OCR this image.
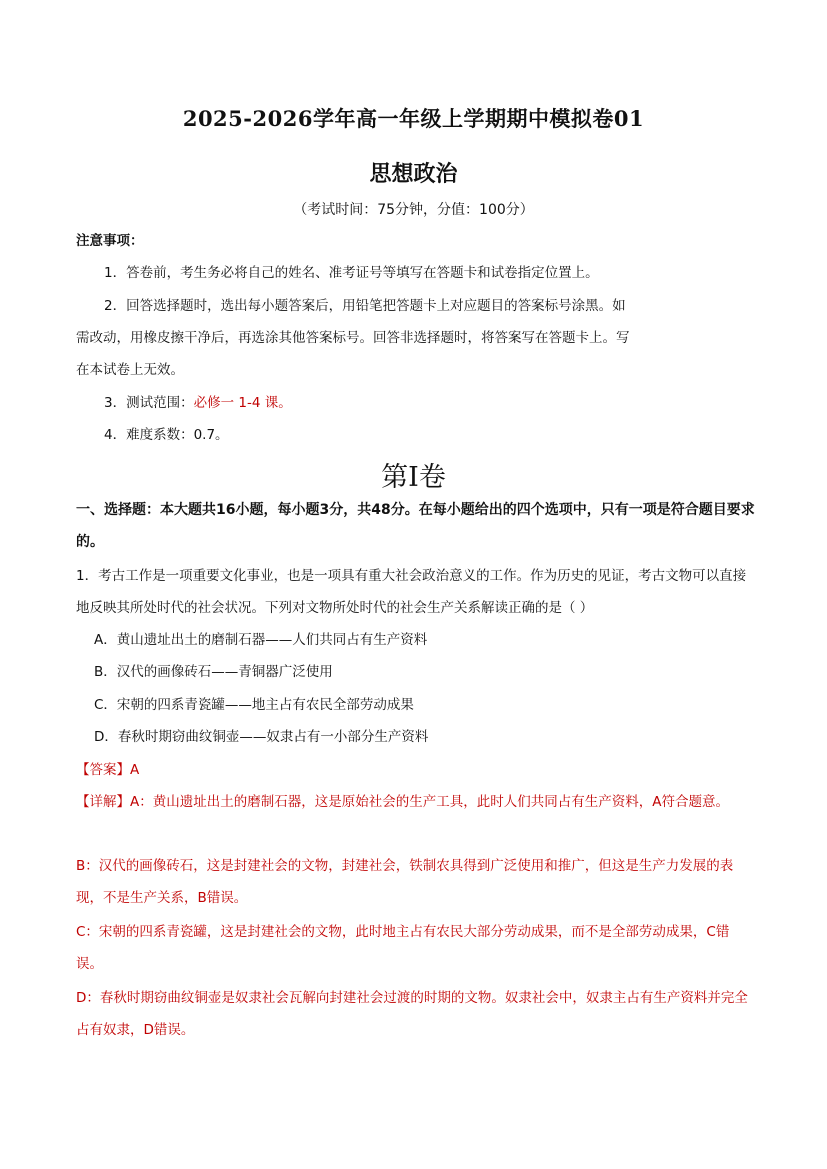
2025-2026学年高一年级上学期期中模拟卷01
思想政治
（考试时间：75分钟，分值：100分）
注意事项：
1．答卷前，考生务必将自己的姓名、准考证号等填写在答题卡和试卷指定位置上。
2．回答选择题时，选出每小题答案后，用铅笔把答题卡上对应题目的答案标号涂黑。如
需改动，用橡皮擦干净后，再选涂其他答案标号。回答非选择题时，将答案写在答题卡上。写
在本试卷上无效。
3．测试范围：必修一 1-4 课。
4．难度系数：0.7。
第I卷
一、选择题：本大题共16小题，每小题3分，共48分。在每小题给出的四个选项中，只有一项是符合题目要求的。
1．考古工作是一项重要文化事业，也是一项具有重大社会政治意义的工作。作为历史的见证，考古文物可以直接地反映其所处时代的社会状况。下列对文物所处时代的社会生产关系解读正确的是（ ）
A．黄山遗址出土的磨制石器——人们共同占有生产资料
B．汉代的画像砖石——青铜器广泛使用
C．宋朝的四系青瓷罐——地主占有农民全部劳动成果
D．春秋时期窃曲纹铜壶——奴隶占有一小部分生产资料
【答案】A
【详解】A：黄山遗址出土的磨制石器，这是原始社会的生产工具，此时人们共同占有生产资料，A符合题意。
B：汉代的画像砖石，这是封建社会的文物，封建社会，铁制农具得到广泛使用和推广，但这是生产力发展的表现，不是生产关系，B错误。
C：宋朝的四系青瓷罐，这是封建社会的文物，此时地主占有农民大部分劳动成果，而不是全部劳动成果，C错误。
D：春秋时期窃曲纹铜壶是奴隶社会瓦解向封建社会过渡的时期的文物。奴隶社会中，奴隶主占有生产资料并完全占有奴隶，D错误。
